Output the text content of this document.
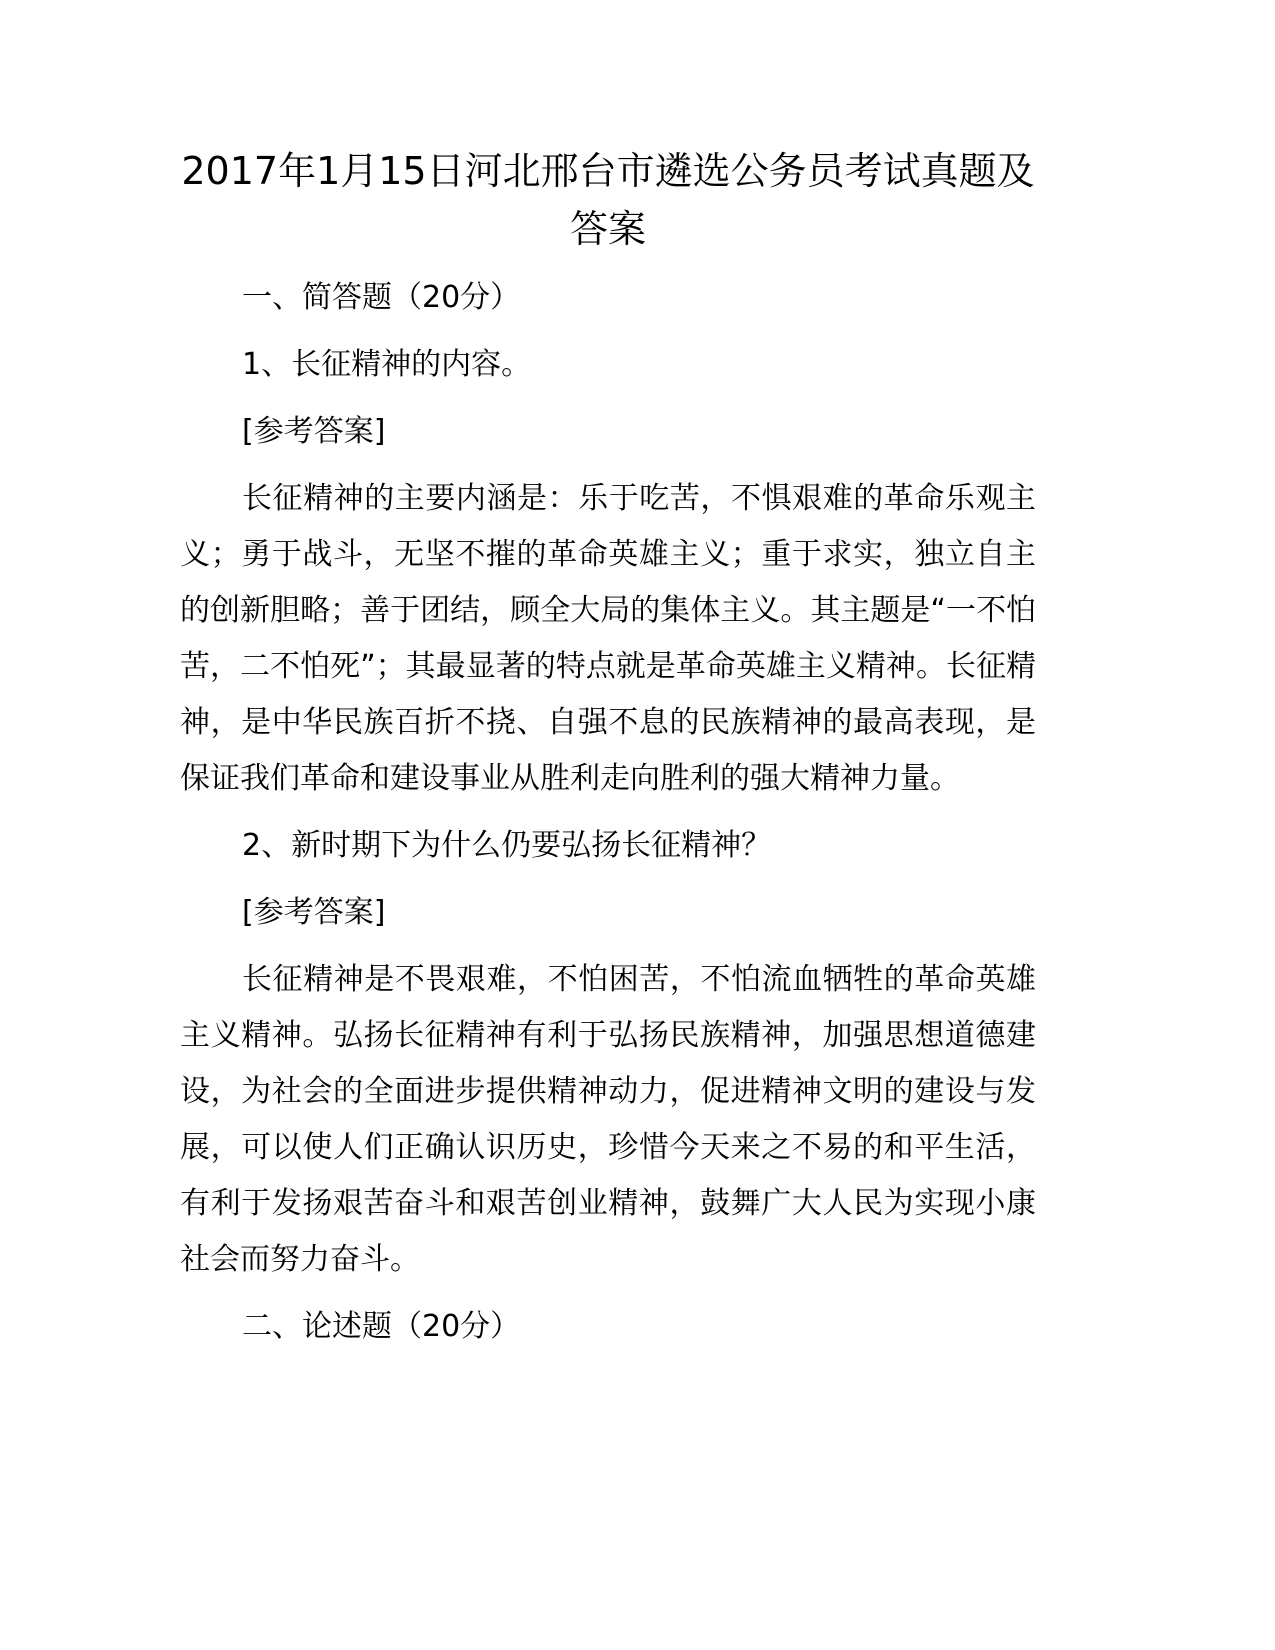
2017年1月15日河北邢台市遴选公务员考试真题及答案

一、简答题（20分）

1、长征精神的内容。

[参考答案]

长征精神的主要内涵是：乐于吃苦，不惧艰难的革命乐观主义；勇于战斗，无坚不摧的革命英雄主义；重于求实，独立自主的创新胆略；善于团结，顾全大局的集体主义。其主题是“一不怕苦，二不怕死”；其最显著的特点就是革命英雄主义精神。长征精神，是中华民族百折不挠、自强不息的民族精神的最高表现，是保证我们革命和建设事业从胜利走向胜利的强大精神力量。

2、新时期下为什么仍要弘扬长征精神？

[参考答案]

长征精神是不畏艰难，不怕困苦，不怕流血牺牲的革命英雄主义精神。弘扬长征精神有利于弘扬民族精神，加强思想道德建设，为社会的全面进步提供精神动力，促进精神文明的建设与发展，可以使人们正确认识历史，珍惜今天来之不易的和平生活，有利于发扬艰苦奋斗和艰苦创业精神，鼓舞广大人民为实现小康社会而努力奋斗。

二、论述题（20分）
